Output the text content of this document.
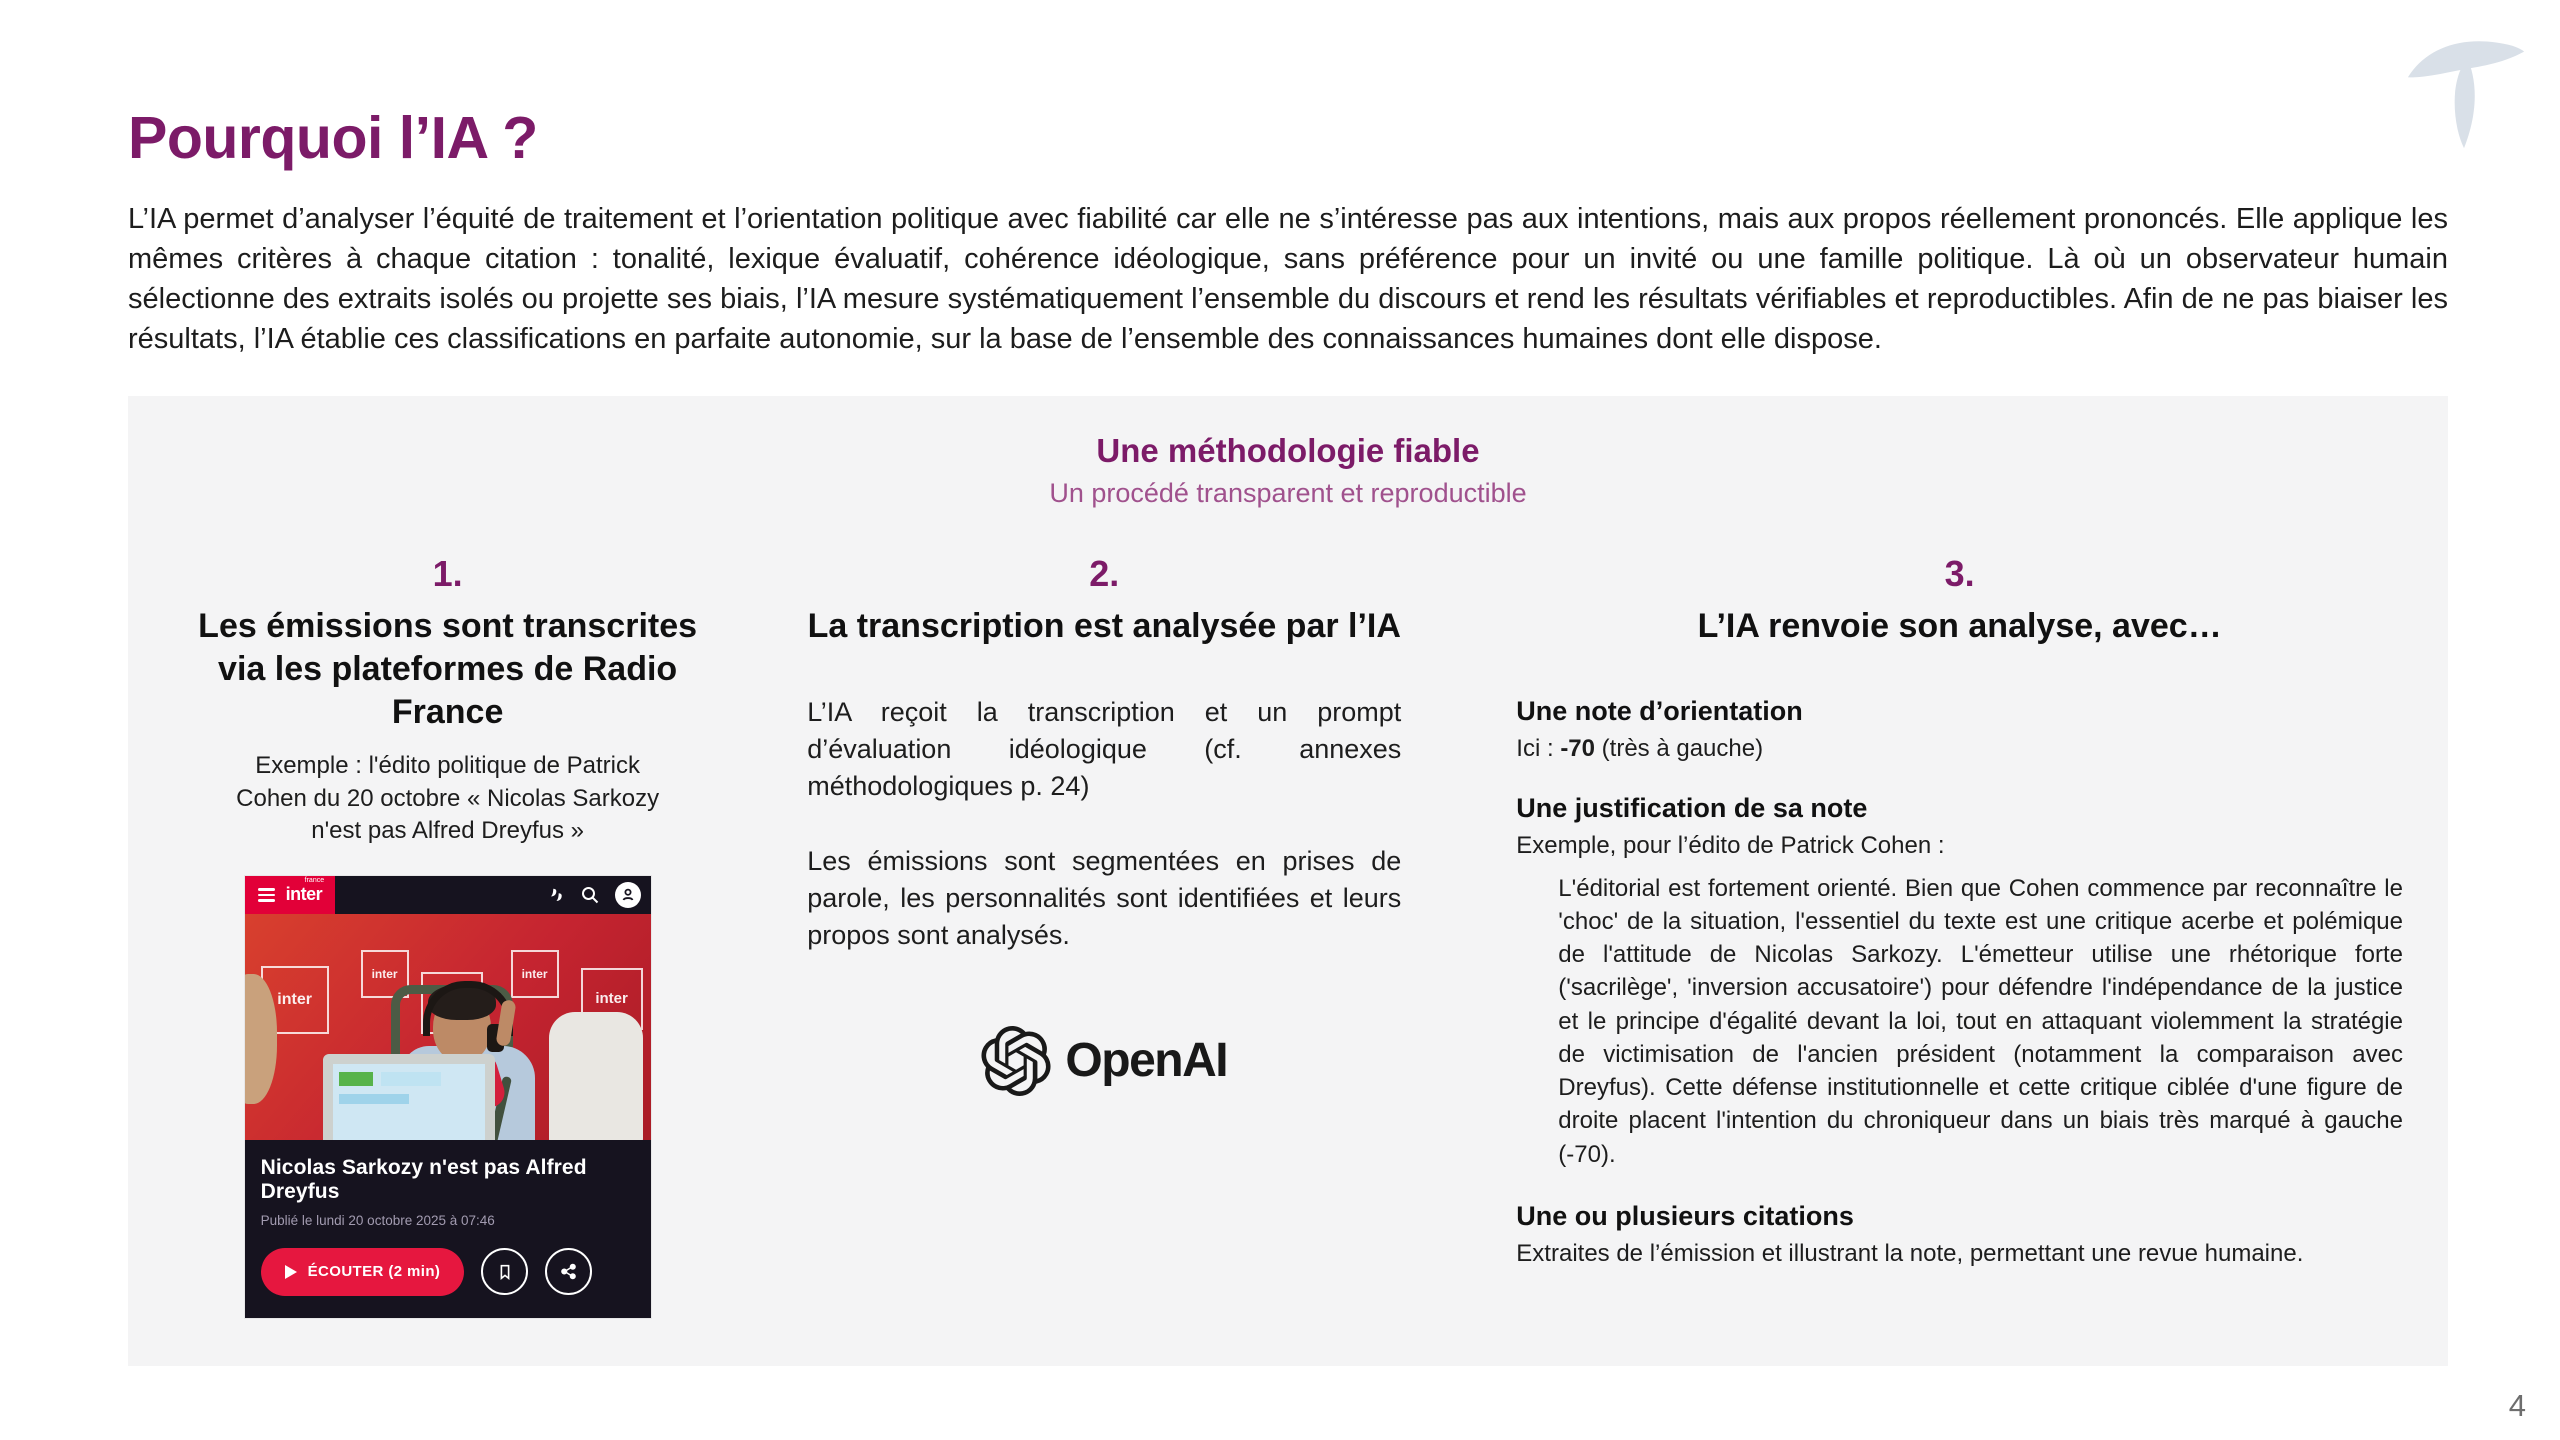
Pourquoi l’IA ?

L’IA permet d’analyser l’équité de traitement et l’orientation politique avec fiabilité car elle ne s’intéresse pas aux intentions, mais aux propos réellement prononcés. Elle applique les mêmes critères à chaque citation : tonalité, lexique évaluatif, cohérence idéologique, sans préférence pour un invité ou une famille politique. Là où un observateur humain sélectionne des extraits isolés ou projette ses biais, l’IA mesure systématiquement l’ensemble du discours et rend les résultats vérifiables et reproductibles. Afin de ne pas biaiser les résultats, l’IA établie ces classifications en parfaite autonomie, sur la base de l’ensemble des connaissances humaines dont elle dispose.

Une méthodologie fiable

Un procédé transparent et reproductible

1.

Les émissions sont transcrites via les plateformes de Radio France

Exemple : l'édito politique de Patrick Cohen du 20 octobre « Nicolas Sarkozy n'est pas Alfred Dreyfus »

inter
france
inter
inter	inter
inter

Nicolas Sarkozy n'est pas Alfred Dreyfus

Publié le lundi 20 octobre 2025 à 07:46

ÉCOUTER (2 min)

2.

La transcription est analysée par l’IA

L’IA reçoit la transcription et un prompt d’évaluation idéologique (cf. annexes méthodologiques p. 24)

Les émissions sont segmentées en prises de parole, les personnalités sont identifiées et leurs propos sont analysés.

OpenAI

3.

L’IA renvoie son analyse, avec…

Une note d’orientation

Ici : -70 (très à gauche)

Une justification de sa note

Exemple, pour l’édito de Patrick Cohen :

L'éditorial est fortement orienté. Bien que Cohen commence par reconnaître le 'choc' de la situation, l'essentiel du texte est une critique acerbe et polémique de l'attitude de Nicolas Sarkozy. L'émetteur utilise une rhétorique forte ('sacrilège', 'inversion accusatoire') pour défendre l'indépendance de la justice et le principe d'égalité devant la loi, tout en attaquant violemment la stratégie de victimisation de l'ancien président (notamment la comparaison avec Dreyfus). Cette défense institutionnelle et cette critique ciblée d'une figure de droite placent l'intention du chroniqueur dans un biais très marqué à gauche (-70).

Une ou plusieurs citations

Extraites de l’émission et illustrant la note, permettant une revue humaine.

4
